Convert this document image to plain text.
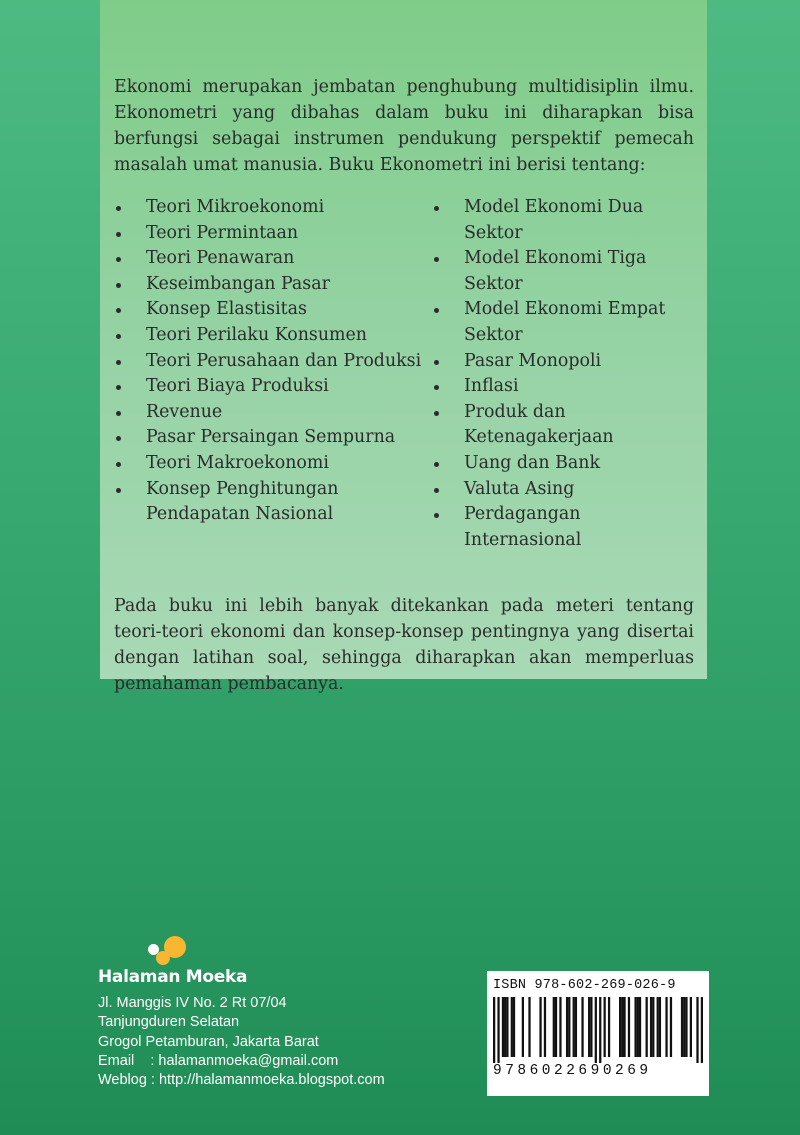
Ekonomi merupakan jembatan penghubung multidisiplin ilmu. Ekonometri yang dibahas dalam buku ini diharapkan bisa berfungsi sebagai instrumen pendukung perspektif pemecah masalah umat manusia. Buku Ekonometri ini berisi tentang:

Teori Mikroekonomi
Teori Permintaan
Teori Penawaran
Keseimbangan Pasar
Konsep Elastisitas
Teori Perilaku Konsumen
Teori Perusahaan dan Produksi
Teori Biaya Produksi
Revenue
Pasar Persaingan Sempurna
Teori Makroekonomi
Konsep Penghitungan Pendapatan Nasional
Model Ekonomi Dua Sektor
Model Ekonomi Tiga Sektor
Model Ekonomi Empat Sektor
Pasar Monopoli
Inflasi
Produk dan Ketenagakerjaan
Uang dan Bank
Valuta Asing
Perdagangan Internasional

Pada buku ini lebih banyak ditekankan pada meteri tentang teori-teori ekonomi dan konsep-konsep pentingnya yang disertai dengan latihan soal, sehingga diharapkan akan memperluas pemahaman pembacanya.

Halaman Moeka
Jl. Manggis IV No. 2 Rt 07/04
Tanjungduren Selatan
Grogol Petamburan, Jakarta Barat
Email    : halamanmoeka@gmail.com
Weblog : http://halamanmoeka.blogspot.com
ISBN 978-602-269-026-9
9786022690269
